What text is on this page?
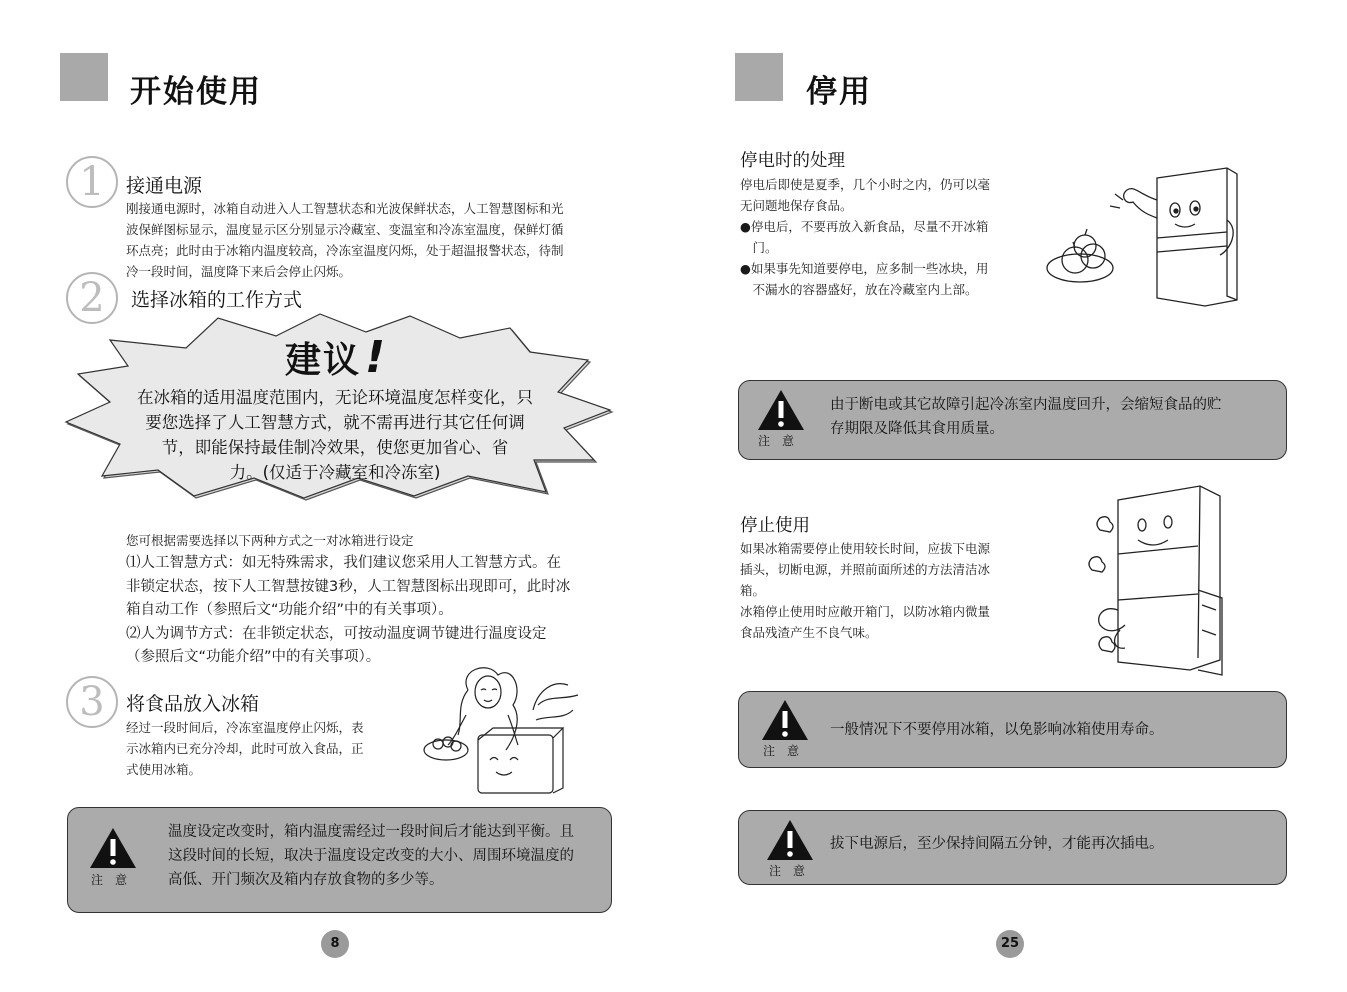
开始使用
1	接通电源
刚接通电源时，冰箱自动进入人工智慧状态和光波保鲜状态，人工智慧图标和光
波保鲜图标显示，温度显示区分别显示冷藏室、变温室和冷冻室温度，保鲜灯循
环点亮；此时由于冰箱内温度较高，冷冻室温度闪烁，处于超温报警状态，待制
冷一段时间，温度降下来后会停止闪烁。
2	选择冰箱的工作方式
建议!
在冰箱的适用温度范围内，无论环境温度怎样变化，只
要您选择了人工智慧方式，就不需再进行其它任何调
节，即能保持最佳制冷效果，使您更加省心、省
力。(仅适于冷藏室和冷冻室)
您可根据需要选择以下两种方式之一对冰箱进行设定
⑴人工智慧方式：如无特殊需求，我们建议您采用人工智慧方式。在
非锁定状态，按下人工智慧按键3秒，人工智慧图标出现即可，此时冰
箱自动工作（参照后文“功能介绍”中的有关事项）。
⑵人为调节方式：在非锁定状态，可按动温度调节键进行温度设定
（参照后文“功能介绍”中的有关事项）。
3	将食品放入冰箱
经过一段时间后，冷冻室温度停止闪烁，表
示冰箱内已充分冷却，此时可放入食品，正
式使用冰箱。
注　意
温度设定改变时，箱内温度需经过一段时间后才能达到平衡。且
这段时间的长短，取决于温度设定改变的大小、周围环境温度的
高低、开门频次及箱内存放食物的多少等。
8
停用
停电时的处理
停电后即使是夏季，几个小时之内，仍可以毫
无问题地保存食品。
●停电后，不要再放入新食品，尽量不开冰箱
　门。
●如果事先知道要停电，应多制一些冰块，用
　不漏水的容器盛好，放在冷藏室内上部。
注　意
由于断电或其它故障引起冷冻室内温度回升，会缩短食品的贮
存期限及降低其食用质量。
停止使用
如果冰箱需要停止使用较长时间，应拔下电源
插头，切断电源，并照前面所述的方法清洁冰
箱。
冰箱停止使用时应敞开箱门，以防冰箱内微量
食品残渣产生不良气味。
注　意
一般情况下不要停用冰箱，以免影响冰箱使用寿命。
注　意
拔下电源后，至少保持间隔五分钟，才能再次插电。
25
